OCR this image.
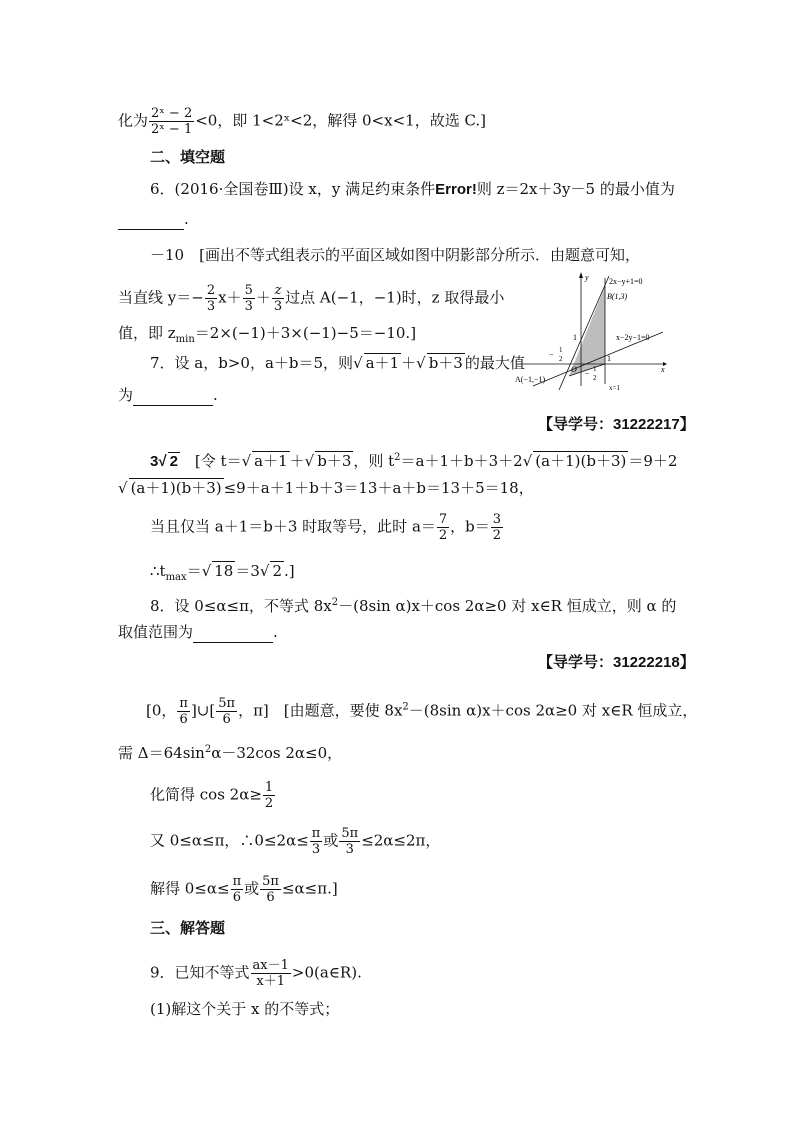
化为 $\frac{\text{2ˣ − 2}}{\text{2ˣ − 1}} <0$，即 1<2ˣ<2，解得 0<x<1，故选 C.]
二、填空题
6．(2016·全国卷Ⅲ)设 x，y 满足约束条件Error!则 z＝2x＋3y－5 的最小值为
.
－10　[画出不等式组表示的平面区域如图中阴影部分所示．由题意可知，
当直线 $y=- \frac{2}{3} x+ \frac{5}{3} + \frac{z}{3}$ 过点 A(−1，−1)时，z 取得最小
值，即 $z_{min}=2\times(-1)+3\times(-1)-5=-10$.]
2x−y+1=0
B(1,3)
x−2y−1=0
A(−1,−1)
O
x=1
1
− 1
2	1
− 1
2
y
x
7．设 a，b>0，a＋b＝5，则√ a＋1 ＋√ b＋3 的最大值
为	.
【导学号：31222217】
3√ 2　[令 t＝√ a＋1 ＋√ b＋3 ，则 $t^2=a+1+b+3+2√$ (a＋1)(b＋3) ＝9＋2
√ (a＋1)(b＋3) ≤9＋a＋1＋b＋3＝13＋a＋b＝13＋5＝18，
当且仅当 a＋1＝b＋3 时取等号，此时 $a= \frac{7}{2}$ ，$b= \frac{3}{2}$
$\therefore t_{max}=√$ 18 ＝3√ 2 .]
8．设 0≤α≤π，不等式 $8x^2-(8\sin$ α)x＋cos 2α≥0 对 x∈R 恒成立，则 α 的
取值范围为	.
【导学号：31222218】
[0， $\frac{\pi}{6}$ ]∪[ $\frac{5\pi}{6}$ ，π]　[由题意，要使 $8x^2-(8\sin$ α)x＋cos 2α≥0 对 x∈R 恒成立，
需 $\Delta=64\sin^2\alpha-32\cos$ 2α≤0，
化简得 $\cos 2\alpha\ge \frac{1}{2}$
又 0≤α≤π，∴0≤2α≤ $\frac{\pi}{3}$ 或 $\frac{5\pi}{3} \le 2\alpha\le 2\pi$，
解得 $0\le\alpha\le \frac{\pi}{6}$ 或 $\frac{5\pi}{6} \le\alpha\le\pi$.]
三、解答题
9．已知不等式 $\frac{ax-1}{x+1}$ >0(a∈R).
(1)解这个关于 x 的不等式；
